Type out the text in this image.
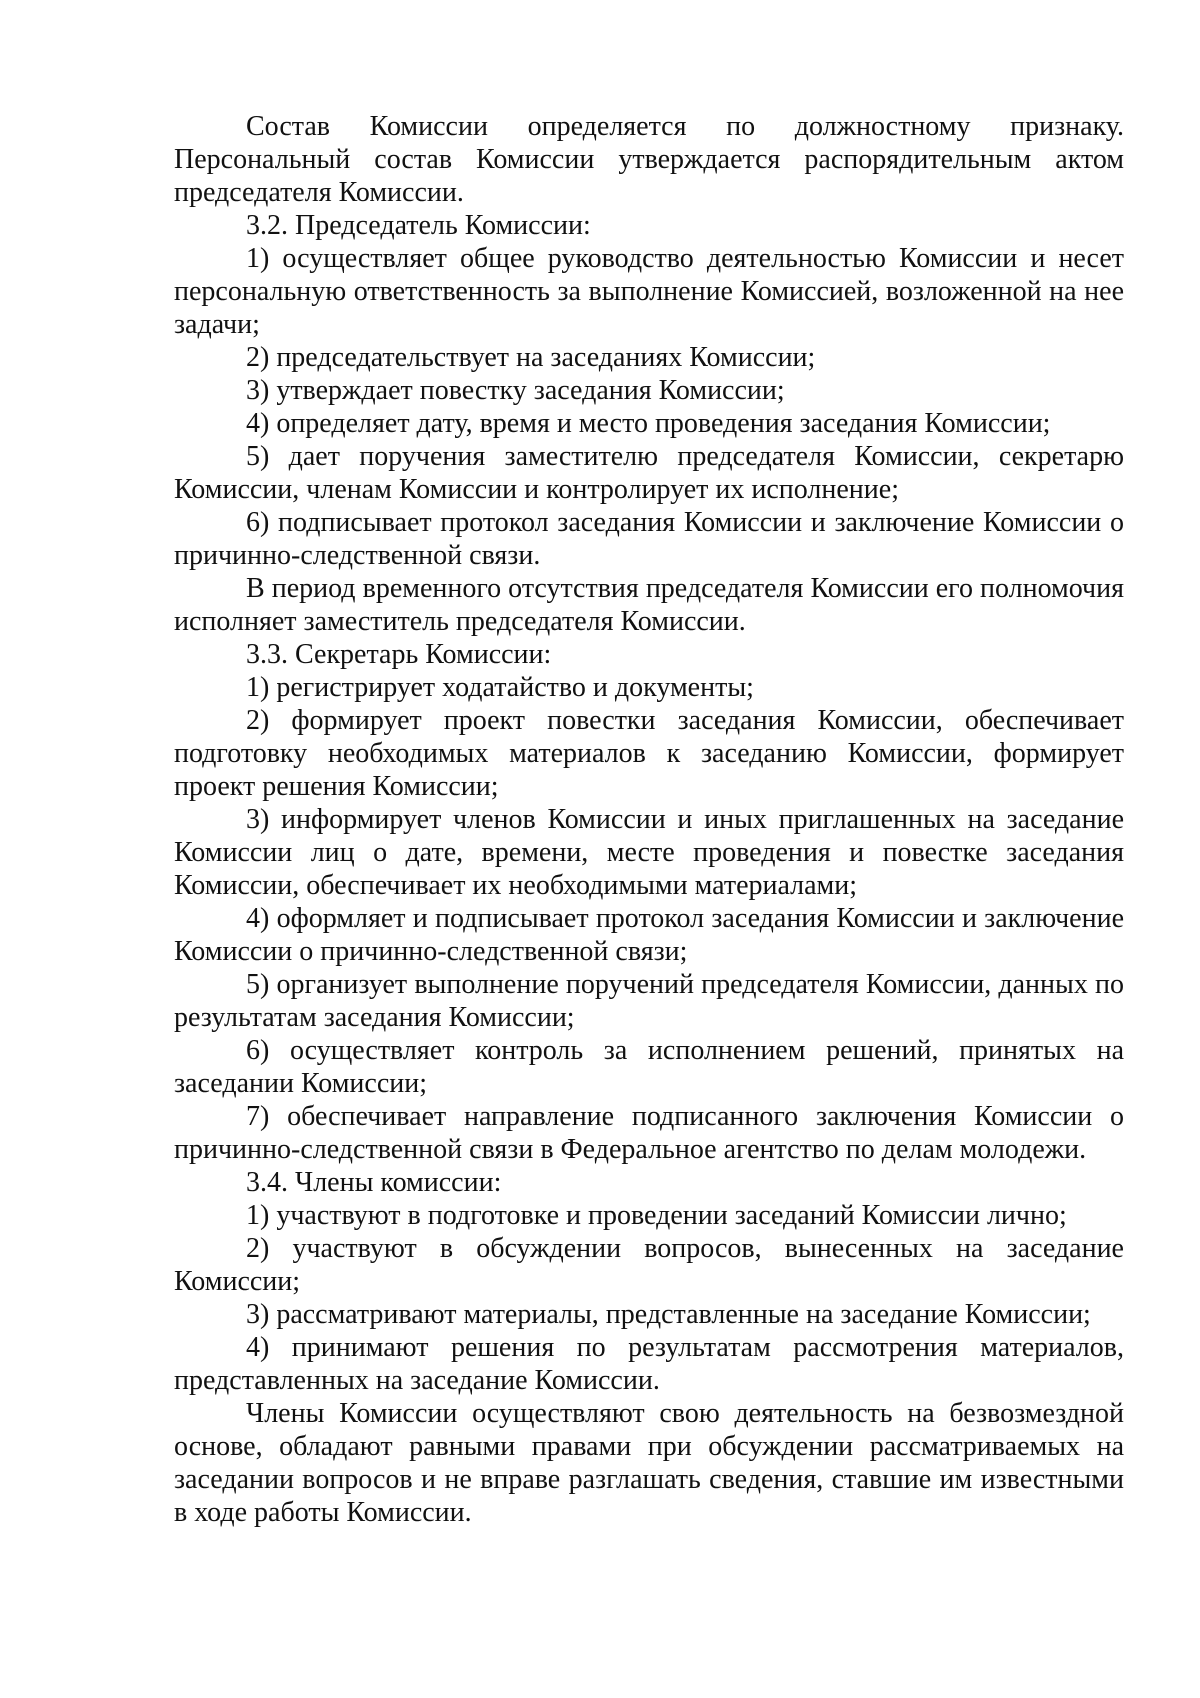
Состав Комиссии определяется по должностному признаку. Персональный состав Комиссии утверждается распорядительным актом председателя Комиссии.

3.2. Председатель Комиссии:

1) осуществляет общее руководство деятельностью Комиссии и несет персональную ответственность за выполнение Комиссией, возложенной на нее задачи;

2) председательствует на заседаниях Комиссии;

3) утверждает повестку заседания Комиссии;

4) определяет дату, время и место проведения заседания Комиссии;

5) дает поручения заместителю председателя Комиссии, секретарю Комиссии, членам Комиссии и контролирует их исполнение;

6) подписывает протокол заседания Комиссии и заключение Комиссии о причинно-следственной связи.

В период временного отсутствия председателя Комиссии его полномочия исполняет заместитель председателя Комиссии.

3.3. Секретарь Комиссии:

1) регистрирует ходатайство и документы;

2) формирует проект повестки заседания Комиссии, обеспечивает подготовку необходимых материалов к заседанию Комиссии, формирует проект решения Комиссии;

3) информирует членов Комиссии и иных приглашенных на заседание Комиссии лиц о дате, времени, месте проведения и повестке заседания Комиссии, обеспечивает их необходимыми материалами;

4) оформляет и подписывает протокол заседания Комиссии и заключение Комиссии о причинно-следственной связи;

5) организует выполнение поручений председателя Комиссии, данных по результатам заседания Комиссии;

6) осуществляет контроль за исполнением решений, принятых на заседании Комиссии;

7) обеспечивает направление подписанного заключения Комиссии о причинно-следственной связи в Федеральное агентство по делам молодежи.

3.4. Члены комиссии:

1) участвуют в подготовке и проведении заседаний Комиссии лично;

2) участвуют в обсуждении вопросов, вынесенных на заседание Комиссии;

3) рассматривают материалы, представленные на заседание Комиссии;

4) принимают решения по результатам рассмотрения материалов, представленных на заседание Комиссии.

Члены Комиссии осуществляют свою деятельность на безвозмездной основе, обладают равными правами при обсуждении рассматриваемых на заседании вопросов и не вправе разглашать сведения, ставшие им известными в ходе работы Комиссии.
